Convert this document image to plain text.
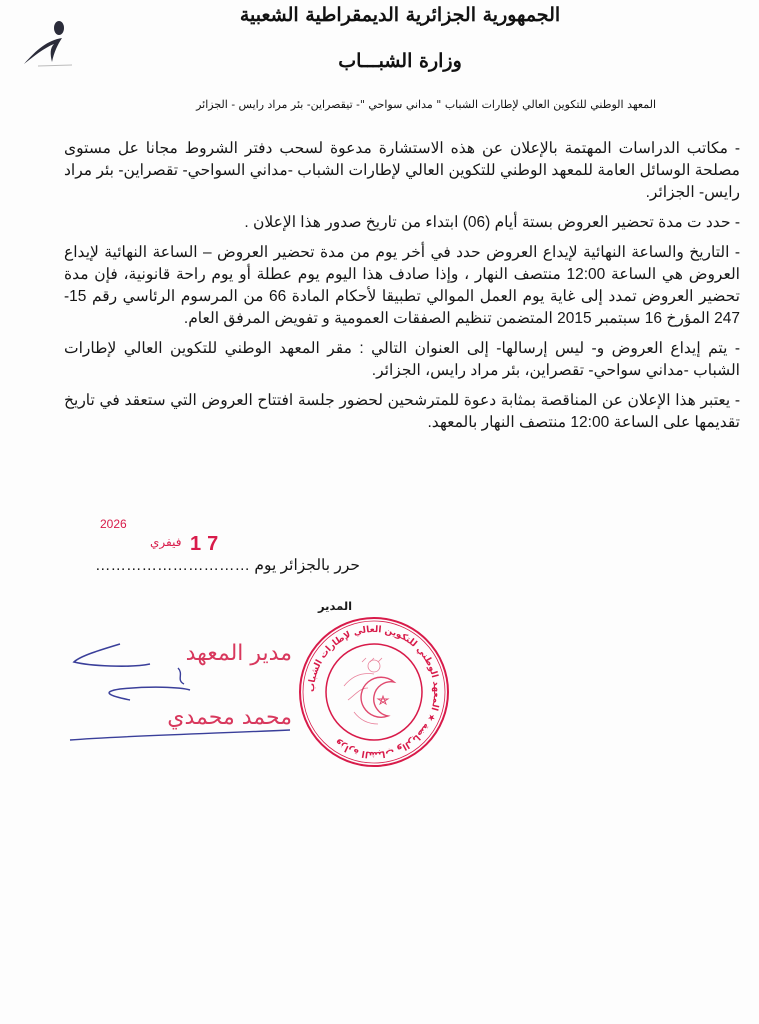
الجمهورية الجزائرية الديمقراطية الشعبية
وزارة الشبـــاب
المعهد الوطني للتكوين العالي لإطارات الشباب " مداني سواحي "- تيقصراين- بئر مراد رايس - الجزائر

- مكاتب الدراسات المهتمة بالإعلان عن هذه الاستشارة مدعوة لسحب دفتر الشروط مجانا عل مستوى مصلحة الوسائل العامة للمعهد الوطني للتكوين العالي لإطارات الشباب -مداني السواحي- تقصراين- بئر مراد رايس- الجزائر.

- حدد ت مدة تحضير العروض بستة أيام (06) ابتداء من تاريخ صدور هذا الإعلان .

- التاريخ والساعة النهائية لإيداع العروض حدد في أخر يوم من مدة تحضير العروض – الساعة النهائية لإيداع العروض هي الساعة 12:00 منتصف النهار ، وإذا صادف هذا اليوم يوم عطلة أو يوم راحة قانونية، فإن مدة تحضير العروض تمدد إلى غاية يوم العمل الموالي تطبيقا لأحكام المادة 66 من المرسوم الرئاسي رقم 15-247 المؤرخ 16 سبتمبر 2015 المتضمن تنظيم الصفقات العمومية و تفويض المرفق العام.

- يتم إيداع العروض و- ليس إرسالها- إلى العنوان التالي : مقر المعهد الوطني للتكوين العالي لإطارات الشباب -مداني سواحي- تقصراين، بئر مراد رايس، الجزائر.

- يعتبر هذا الإعلان عن المناقصة بمثابة دعوة للمترشحين لحضور جلسة افتتاح العروض التي ستعقد في تاريخ تقديمها على الساعة 12:00 منتصف النهار بالمعهد.

حرر بالجزائر يوم …………………………
17
فيفري
2026
المدير
مدير المعهد
محمد محمدي
وزارة الشباب والرياضة ★ المعهد الوطني للتكوين العالي لإطارات الشباب
